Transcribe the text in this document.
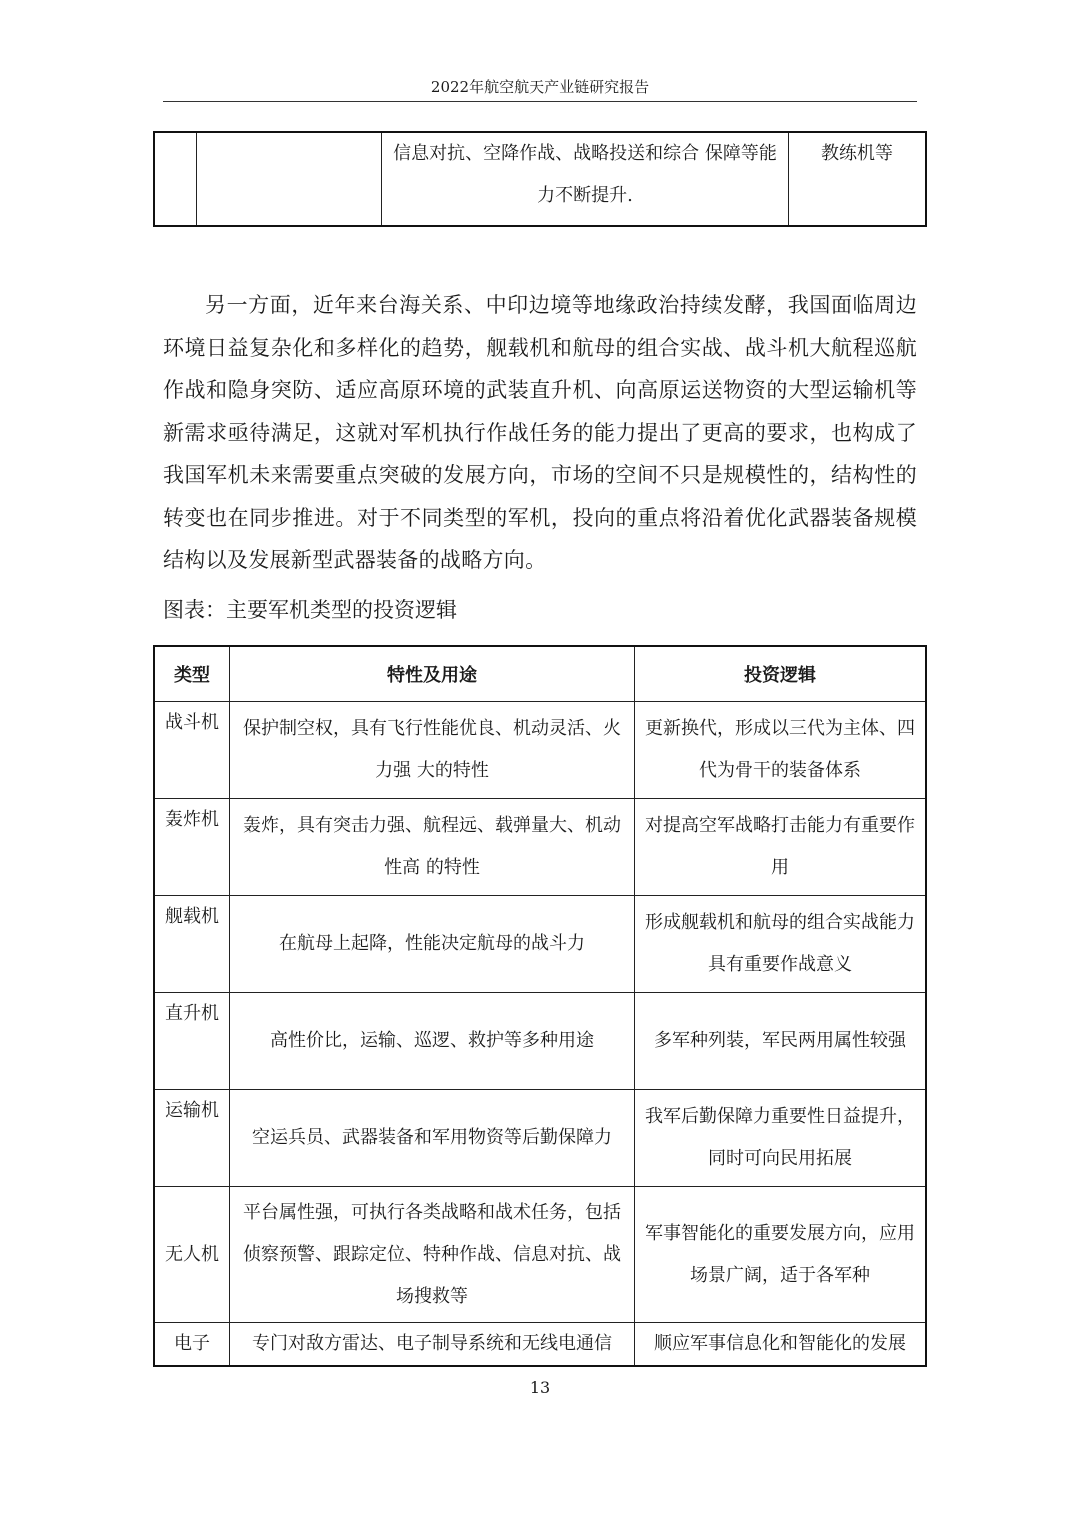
2022年航空航天产业链研究报告
		信息对抗、空降作战、战略投送和综合 保障等能力不断提升.	教练机等

另一方面，近年来台海关系、中印边境等地缘政治持续发酵，我国面临周边环境日益复杂化和多样化的趋势，舰载机和航母的组合实战、战斗机大航程巡航作战和隐身突防、适应高原环境的武装直升机、向高原运送物资的大型运输机等新需求亟待满足，这就对军机执行作战任务的能力提出了更高的要求，也构成了我国军机未来需要重点突破的发展方向，市场的空间不只是规模性的，结构性的转变也在同步推进。对于不同类型的军机，投向的重点将沿着优化武器装备规模结构以及发展新型武器装备的战略方向。

图表：主要军机类型的投资逻辑

类型	特性及用途	投资逻辑
战斗机	保护制空权，具有飞行性能优良、机动灵活、火力强 大的特性	更新换代，形成以三代为主体、四代为骨干的装备体系
轰炸机	轰炸，具有突击力强、航程远、载弹量大、机动性高 的特性	对提高空军战略打击能力有重要作用
舰载机	在航母上起降，性能决定航母的战斗力	形成舰载机和航母的组合实战能力具有重要作战意义
直升机	高性价比，运输、巡逻、救护等多种用途	多军种列装，军民两用属性较强
运输机	空运兵员、武器装备和军用物资等后勤保障力	我军后勤保障力重要性日益提升，同时可向民用拓展
无人机	平台属性强，可执行各类战略和战术任务，包括侦察预警、跟踪定位、特种作战、信息对抗、战场搜救等	军事智能化的重要发展方向，应用场景广阔，适于各军种
电子	专门对敌方雷达、电子制导系统和无线电通信	顺应军事信息化和智能化的发展
13
